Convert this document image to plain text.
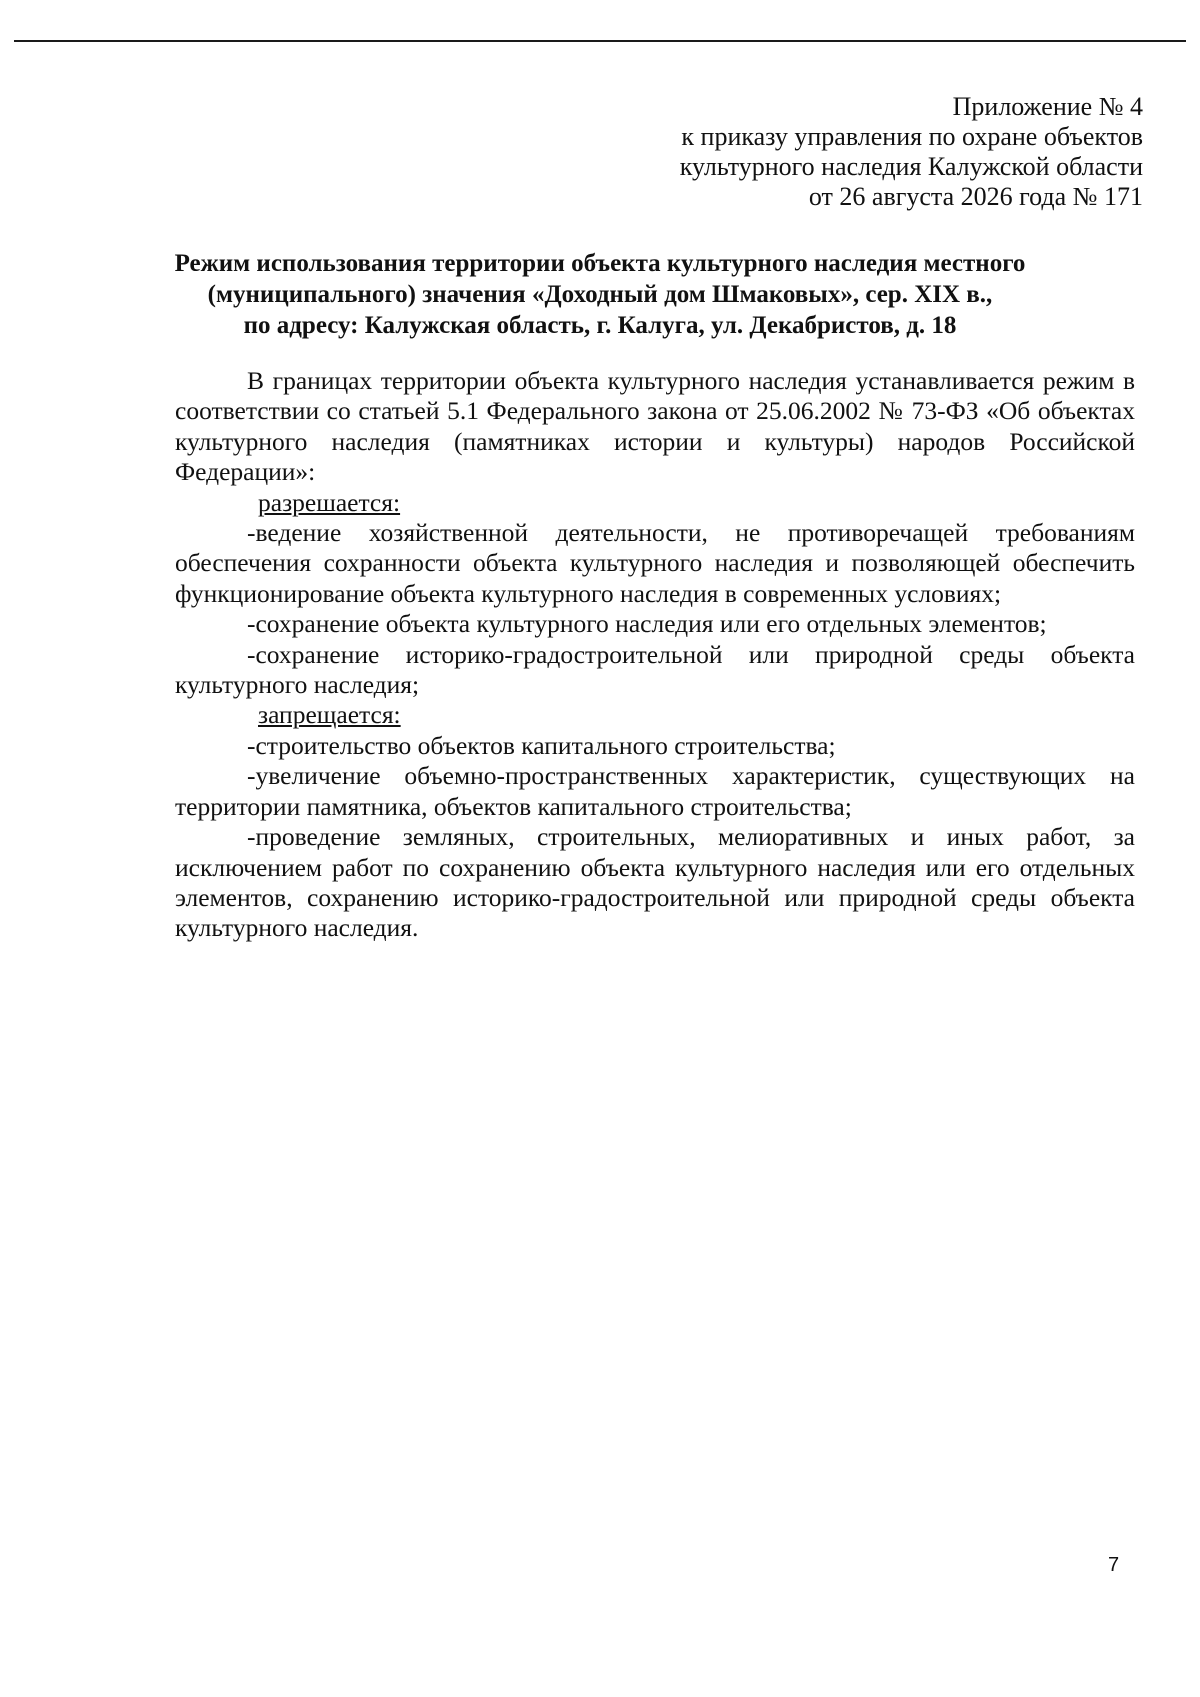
Приложение № 4
к приказу управления по охране объектов
культурного наследия Калужской области
от 26 августа 2026 года № 171
Режим использования территории объекта культурного наследия местного
(муниципального) значения «Доходный дом Шмаковых», сер. XIX в.,
по адресу: Калужская область, г. Калуга, ул. Декабристов, д. 18

В границах территории объекта культурного наследия устанавливается режим в соответствии со статьей 5.1 Федерального закона от 25.06.2002 № 73-ФЗ «Об объектах культурного наследия (памятниках истории и культуры) народов Российской Федерации»:

разрешается:

-ведение хозяйственной деятельности, не противоречащей требованиям обеспечения сохранности объекта культурного наследия и позволяющей обеспечить функционирование объекта культурного наследия в современных условиях;

-сохранение объекта культурного наследия или его отдельных элементов;

-сохранение историко-градостроительной или природной среды объекта культурного наследия;

запрещается:

-строительство объектов капитального строительства;

-увеличение объемно-пространственных характеристик, существующих на территории памятника, объектов капитального строительства;

-проведение земляных, строительных, мелиоративных и иных работ, за исключением работ по сохранению объекта культурного наследия или его отдельных элементов, сохранению историко-градостроительной или природной среды объекта культурного наследия.

7
